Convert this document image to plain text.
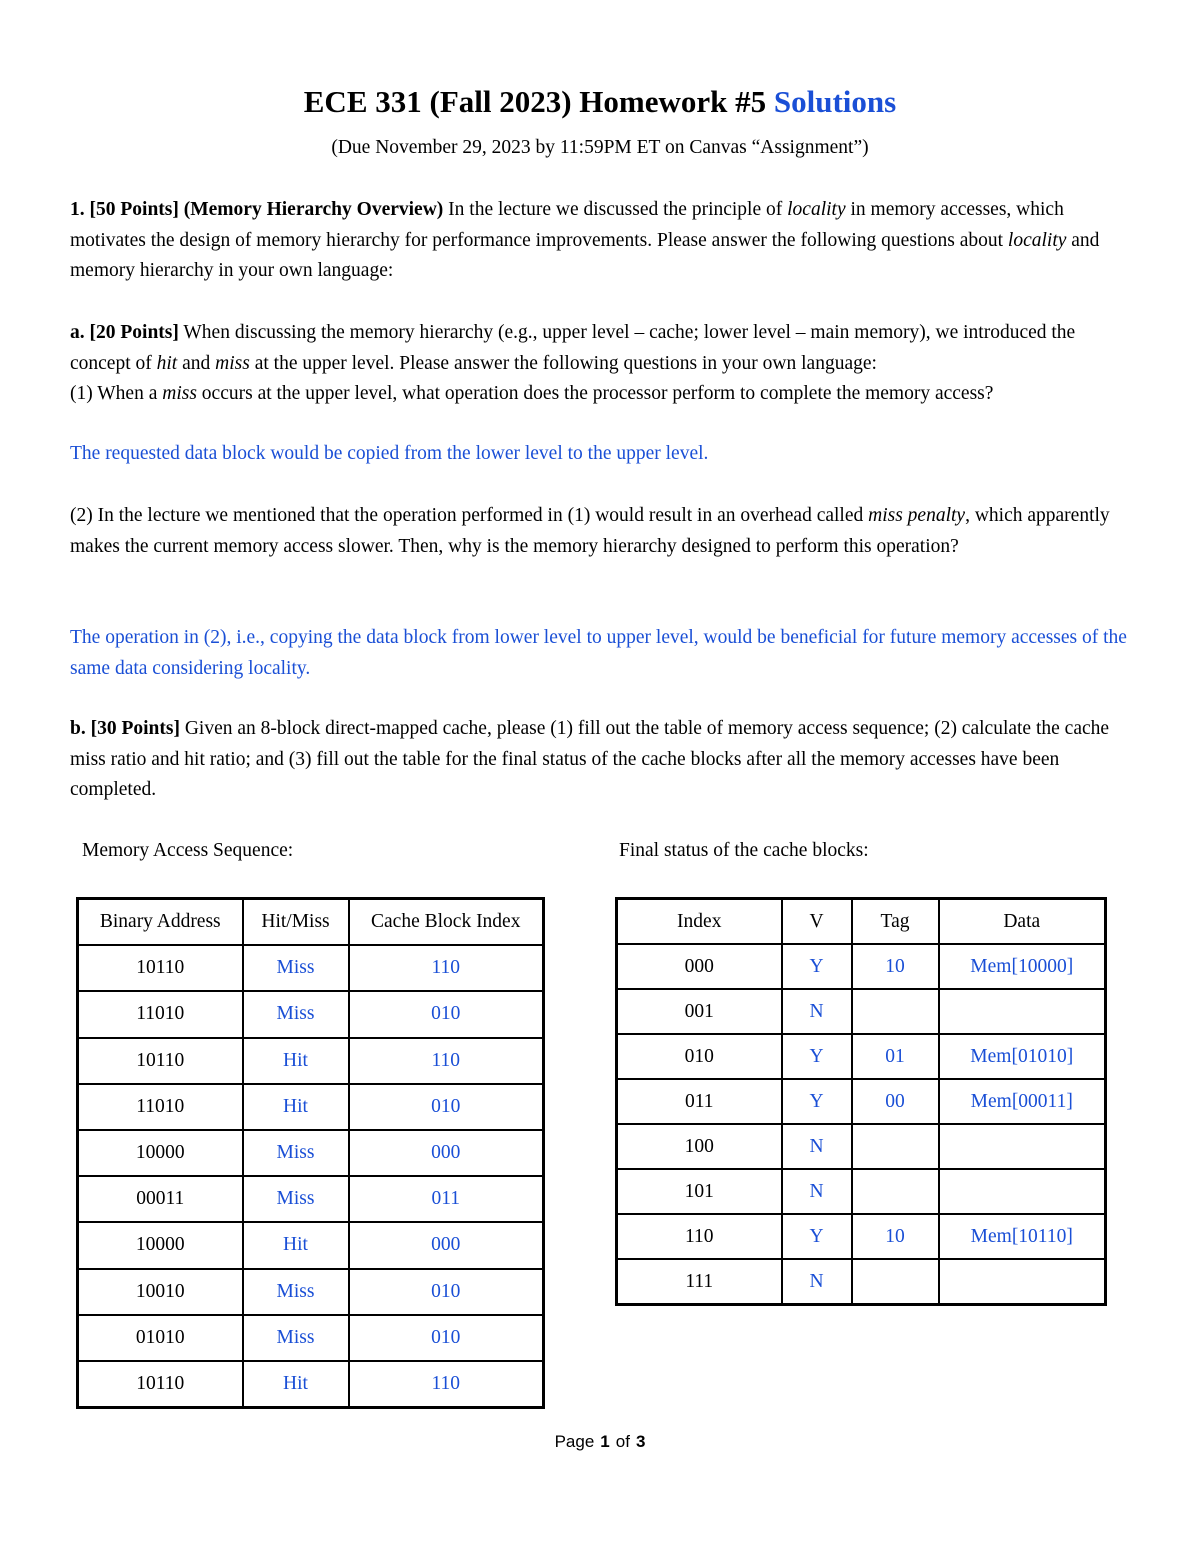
ECE 331 (Fall 2023) Homework #5 Solutions
(Due November 29, 2023 by 11:59PM ET on Canvas “Assignment”)

1. [50 Points] (Memory Hierarchy Overview) In the lecture we discussed the principle of locality in memory accesses, which motivates the design of memory hierarchy for performance improvements. Please answer the following questions about locality and memory hierarchy in your own language:

a. [20 Points] When discussing the memory hierarchy (e.g., upper level – cache; lower level – main memory), we introduced the concept of hit and miss at the upper level. Please answer the following questions in your own language:

(1) When a miss occurs at the upper level, what operation does the processor perform to complete the memory access?

The requested data block would be copied from the lower level to the upper level.

(2) In the lecture we mentioned that the operation performed in (1) would result in an overhead called miss penalty, which apparently makes the current memory access slower. Then, why is the memory hierarchy designed to perform this operation?

The operation in (2), i.e., copying the data block from lower level to upper level, would be beneficial for future memory accesses of the same data considering locality.

b. [30 Points] Given an 8-block direct-mapped cache, please (1) fill out the table of memory access sequence; (2) calculate the cache miss ratio and hit ratio; and (3) fill out the table for the final status of the cache blocks after all the memory accesses have been completed.

Memory Access Sequence:	Final status of the cache blocks:
Binary Address	Hit/Miss	Cache Block Index
10110	Miss	110
11010	Miss	010
10110	Hit	110
11010	Hit	010
10000	Miss	000
00011	Miss	011
10000	Hit	000
10010	Miss	010
01010	Miss	010
10110	Hit	110
Index	V	Tag	Data
000	Y	10	Mem[10000]
001	N		
010	Y	01	Mem[01010]
011	Y	00	Mem[00011]
100	N		
101	N		
110	Y	10	Mem[10110]
111	N		
Page 1 of 3
